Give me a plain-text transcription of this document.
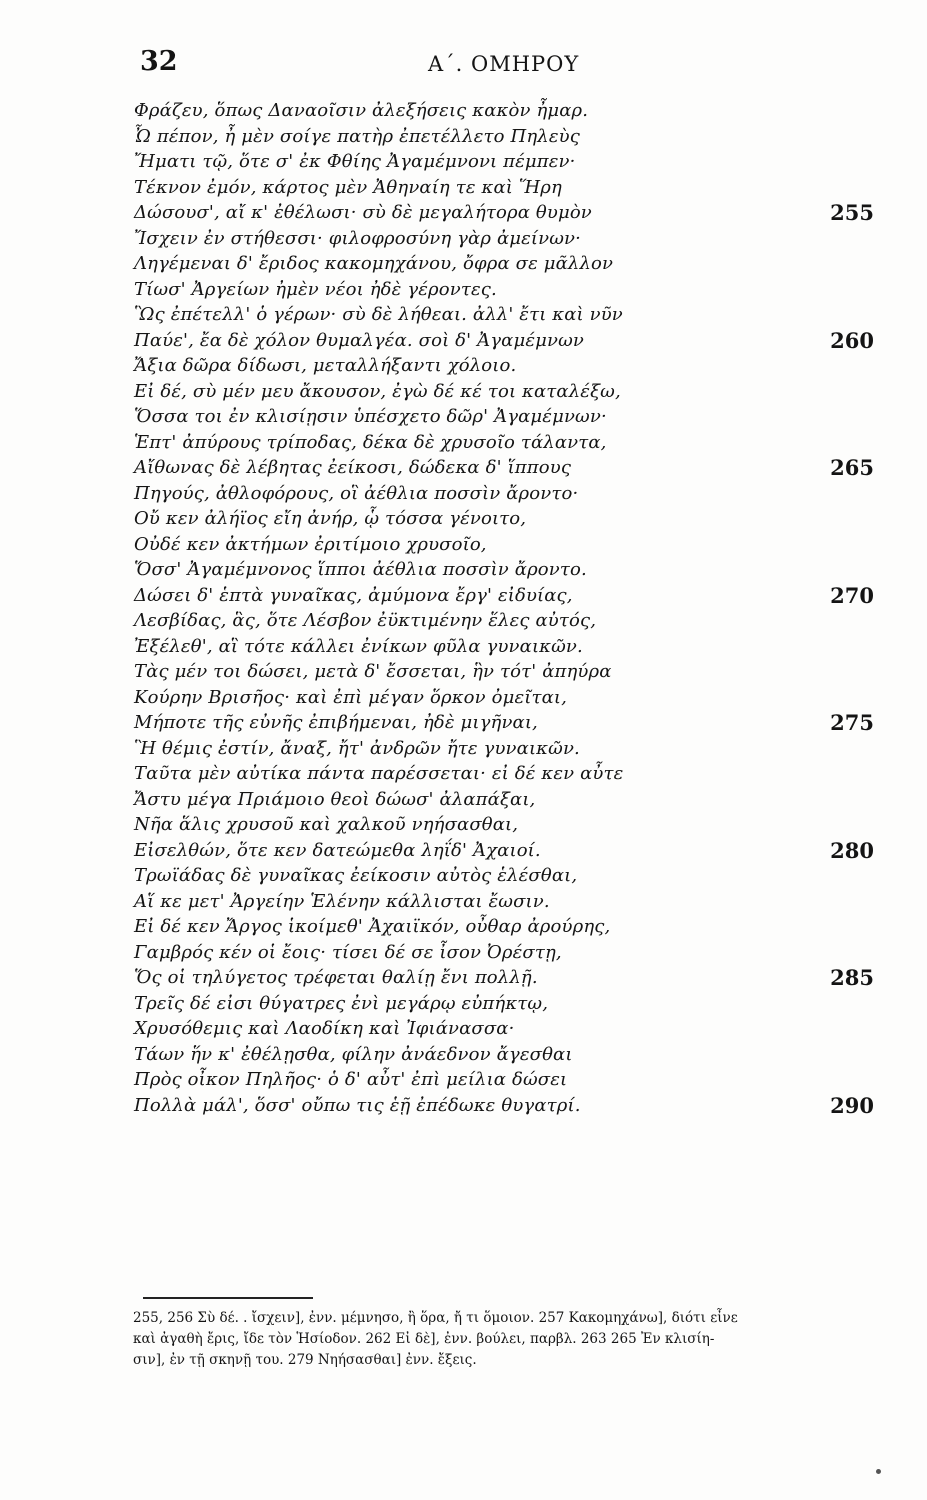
32	Α΄. ΟΜΗΡΟΥ
Φράζευ, ὅπως Δαναοῖσιν ἀλεξήσεις κακὸν ἦμαρ.
Ὦ πέπον, ἦ μὲν σοίγε πατὴρ ἐπετέλλετο Πηλεὺς
Ἤματι τῷ, ὅτε σ' ἐκ Φθίης Ἀγαμέμνονι πέμπεν·
Τέκνον ἐμόν, κάρτος μὲν Ἀθηναίη τε καὶ Ἥρη
Δώσουσ', αἴ κ' ἐθέλωσι· σὺ δὲ μεγαλήτορα θυμὸν	255
Ἴσχειν ἐν στήθεσσι· φιλοφροσύνη γὰρ ἀμείνων·
Ληγέμεναι δ' ἔριδος κακομηχάνου, ὄφρα σε μᾶλλον
Τίωσ' Ἀργείων ἠμὲν νέοι ἠδὲ γέροντες.
Ὣς ἐπέτελλ' ὁ γέρων· σὺ δὲ λήθεαι. ἀλλ' ἔτι καὶ νῦν
Παύε', ἔα δὲ χόλον θυμαλγέα. σοὶ δ' Ἀγαμέμνων	260
Ἄξια δῶρα δίδωσι, μεταλλήξαντι χόλοιο.
Εἰ δέ, σὺ μέν μευ ἄκουσον, ἐγὼ δέ κέ τοι καταλέξω,
Ὅσσα τοι ἐν κλισίῃσιν ὑπέσχετο δῶρ' Ἀγαμέμνων·
Ἑπτ' ἀπύρους τρίποδας, δέκα δὲ χρυσοῖο τάλαντα,
Αἴθωνας δὲ λέβητας ἐείκοσι, δώδεκα δ' ἵππους	265
Πηγούς, ἀθλοφόρους, οἳ ἀέθλια ποσσὶν ἄροντο·
Οὔ κεν ἀλήϊος εἴη ἀνήρ, ᾧ τόσσα γένοιτο,
Οὐδέ κεν ἀκτήμων ἐριτίμοιο χρυσοῖο,
Ὅσσ' Ἀγαμέμνονος ἵπποι ἀέθλια ποσσὶν ἄροντο.
Δώσει δ' ἑπτὰ γυναῖκας, ἀμύμονα ἔργ' εἰδυίας,	270
Λεσβίδας, ἃς, ὅτε Λέσβον ἐϋκτιμένην ἕλες αὐτός,
Ἐξέλεθ', αἳ τότε κάλλει ἐνίκων φῦλα γυναικῶν.
Τὰς μέν τοι δώσει, μετὰ δ' ἔσσεται, ἣν τότ' ἀπηύρα
Κούρην Βρισῆος· καὶ ἐπὶ μέγαν ὅρκον ὀμεῖται,
Μήποτε τῆς εὐνῆς ἐπιβήμεναι, ἠδὲ μιγῆναι,	275
Ἣ θέμις ἐστίν, ἄναξ, ἤτ' ἀνδρῶν ἤτε γυναικῶν.
Ταῦτα μὲν αὐτίκα πάντα παρέσσεται· εἰ δέ κεν αὖτε
Ἄστυ μέγα Πριάμοιο θεοὶ δώωσ' ἀλαπάξαι,
Νῆα ἅλις χρυσοῦ καὶ χαλκοῦ νηήσασθαι,
Εἰσελθών, ὅτε κεν δατεώμεθα ληΐδ' Ἀχαιοί.	280
Τρωϊάδας δὲ γυναῖκας ἐείκοσιν αὐτὸς ἑλέσθαι,
Αἵ κε μετ' Ἀργείην Ἑλένην κάλλισται ἔωσιν.
Εἰ δέ κεν Ἄργος ἱκοίμεθ' Ἀχαιϊκόν, οὖθαρ ἀρούρης,
Γαμβρός κέν οἱ ἔοις· τίσει δέ σε ἶσον Ὀρέστῃ,
Ὅς οἱ τηλύγετος τρέφεται θαλίῃ ἔνι πολλῇ.	285
Τρεῖς δέ εἰσι θύγατρες ἐνὶ μεγάρῳ εὐπήκτῳ,
Χρυσόθεμις καὶ Λαοδίκη καὶ Ἰφιάνασσα·
Τάων ἥν κ' ἐθέλῃσθα, φίλην ἀνάεδνον ἄγεσθαι
Πρὸς οἶκον Πηλῆος· ὁ δ' αὖτ' ἐπὶ μείλια δώσει
Πολλὰ μάλ', ὅσσ' οὔπω τις ἑῇ ἐπέδωκε θυγατρί.	290

255, 256 Σὺ δέ. . ἴσχειν], ἐνν. μέμνησο, ἢ ὅρα, ἤ τι ὅμοιον. 257 Κακομηχάνω], διότι εἶνε

καὶ ἀγαθὴ ἔρις, ἴδε τὸν Ἡσίοδον. 262 Εἰ δὲ], ἐνν. βούλει, παρβλ. 263 265 Ἐν κλισίη-

σιν], ἐν τῇ σκηνῇ του. 279 Νηήσασθαι] ἐνν. ἔξεις.
